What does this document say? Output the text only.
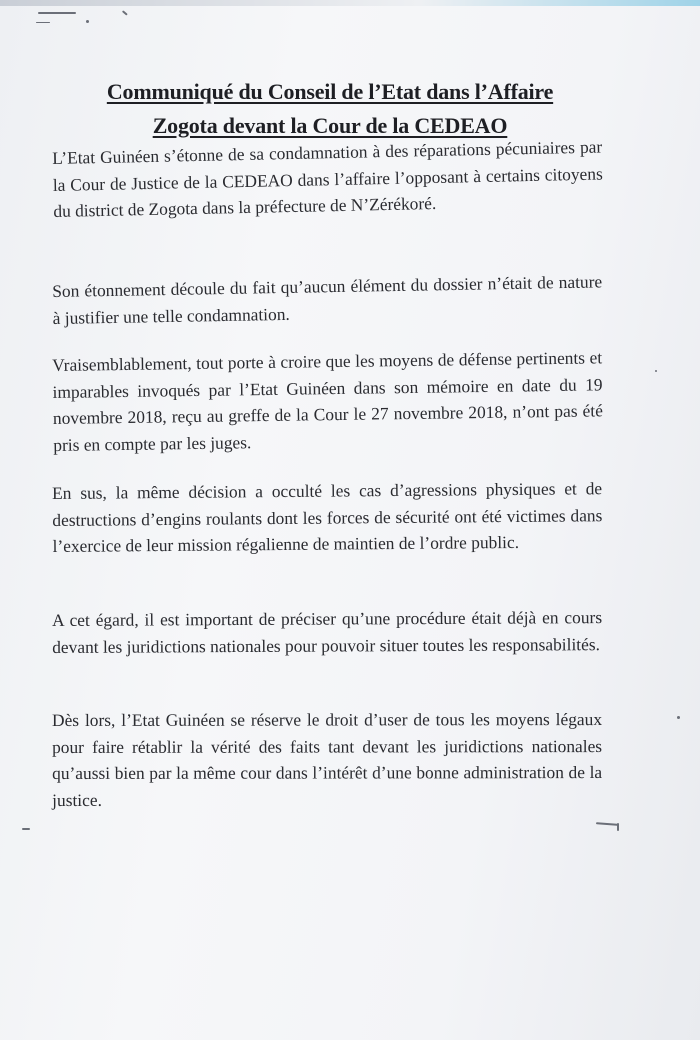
Communiqué du Conseil de l’Etat dans l’Affaire
Zogota devant la Cour de la CEDEAO

L’Etat Guinéen s’étonne de sa condamnation à des réparations pécuniaires par la Cour de Justice de la CEDEAO dans l’affaire l’opposant à certains citoyens du district de Zogota dans la préfecture de N’Zérékoré.

Son étonnement découle du fait qu’aucun élément du dossier n’était de nature à justifier une telle condamnation.

Vraisemblablement, tout porte à croire que les moyens de défense pertinents et imparables invoqués par l’Etat Guinéen dans son mémoire en date du 19 novembre 2018, reçu au greffe de la Cour le 27 novembre 2018, n’ont pas été pris en compte par les juges.

En sus, la même décision a occulté les cas d’agressions physiques et de destructions d’engins roulants dont les forces de sécurité ont été victimes dans l’exercice de leur mission régalienne de maintien de l’ordre public.

A cet égard, il est important de préciser qu’une procédure était déjà en cours devant les juridictions nationales pour pouvoir situer toutes les responsabilités.

Dès lors, l’Etat Guinéen se réserve le droit d’user de tous les moyens légaux pour faire rétablir la vérité des faits tant devant les juridictions nationales qu’aussi bien par la même cour dans l’intérêt d’une bonne administration de la justice.
